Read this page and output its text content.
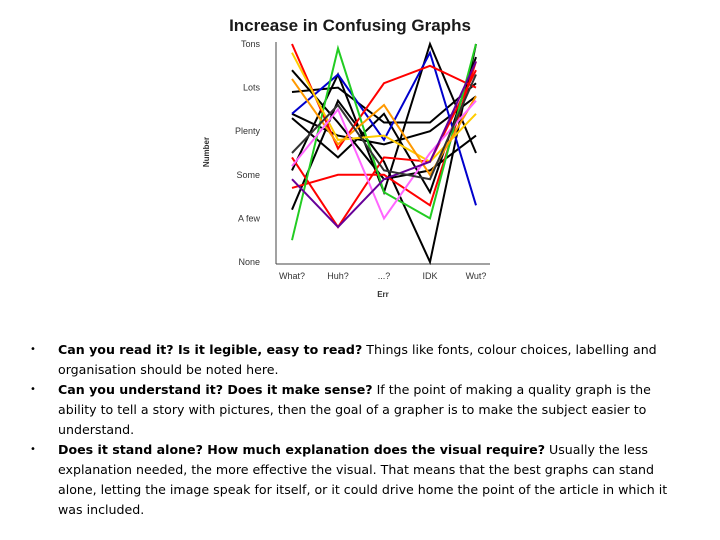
Increase in Confusing Graphs
Number
Err
None
A few
Some
Plenty
Lots
Tons
What? Huh?	...?	IDK	Wut?
• Can you read it? Is it legible, easy to read? Things like fonts, colour choices, labelling and organisation should be noted here.
• Can you understand it? Does it make sense? If the point of making a quality graph is the ability to tell a story with pictures, then the goal of a grapher is to make the subject easier to understand.
• Does it stand alone? How much explanation does the visual require? Usually the less explanation needed, the more effective the visual. That means that the best graphs can stand alone, letting the image speak for itself, or it could drive home the point of the article in which it was included.
